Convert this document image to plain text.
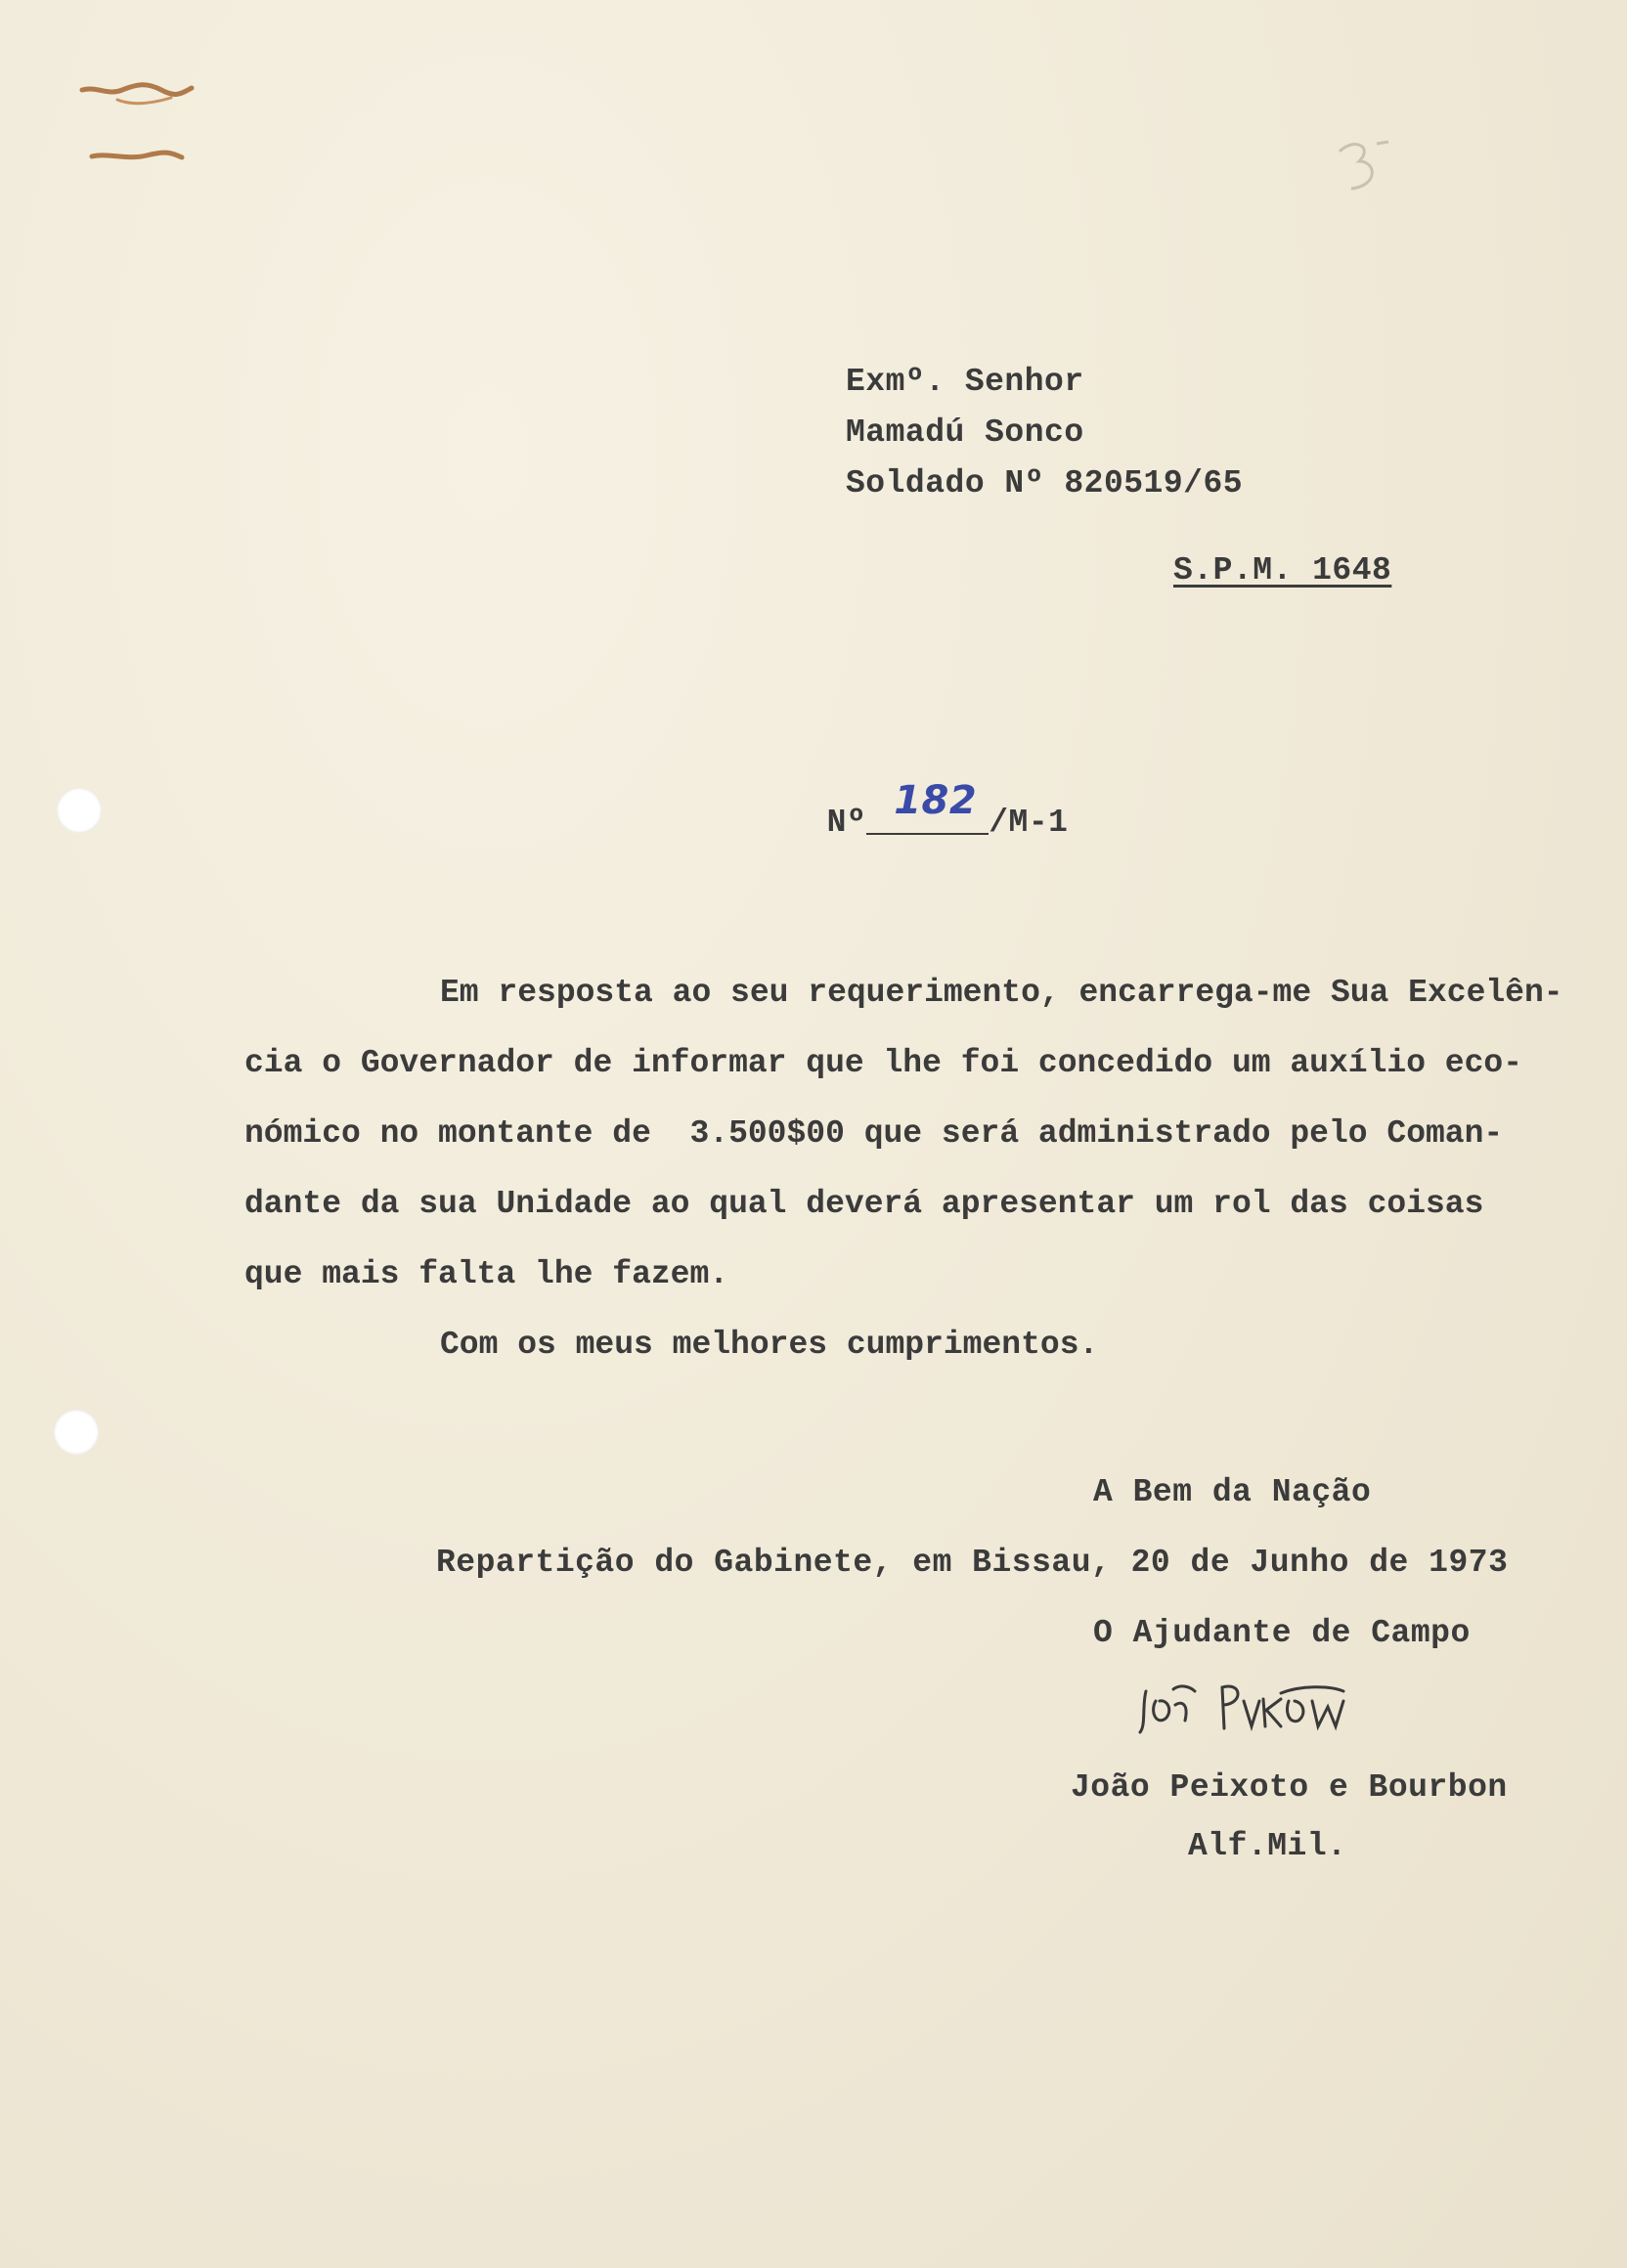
Exmº. Senhor
Mamadú Sonco
Soldado Nº 820519/65
S.P.M. 1648

Nº 182 /M-1

Em resposta ao seu requerimento, encarrega-me Sua Excelên-
cia o Governador de informar que lhe foi concedido um auxílio eco-
nómico no montante de  3.500$00 que será administrado pelo Coman-
dante da sua Unidade ao qual deverá apresentar um rol das coisas
que mais falta lhe fazem.
Com os meus melhores cumprimentos.
A Bem da Nação
Repartição do Gabinete, em Bissau, 20 de Junho de 1973
O Ajudante de Campo
João Peixoto e Bourbon
Alf.Mil.
